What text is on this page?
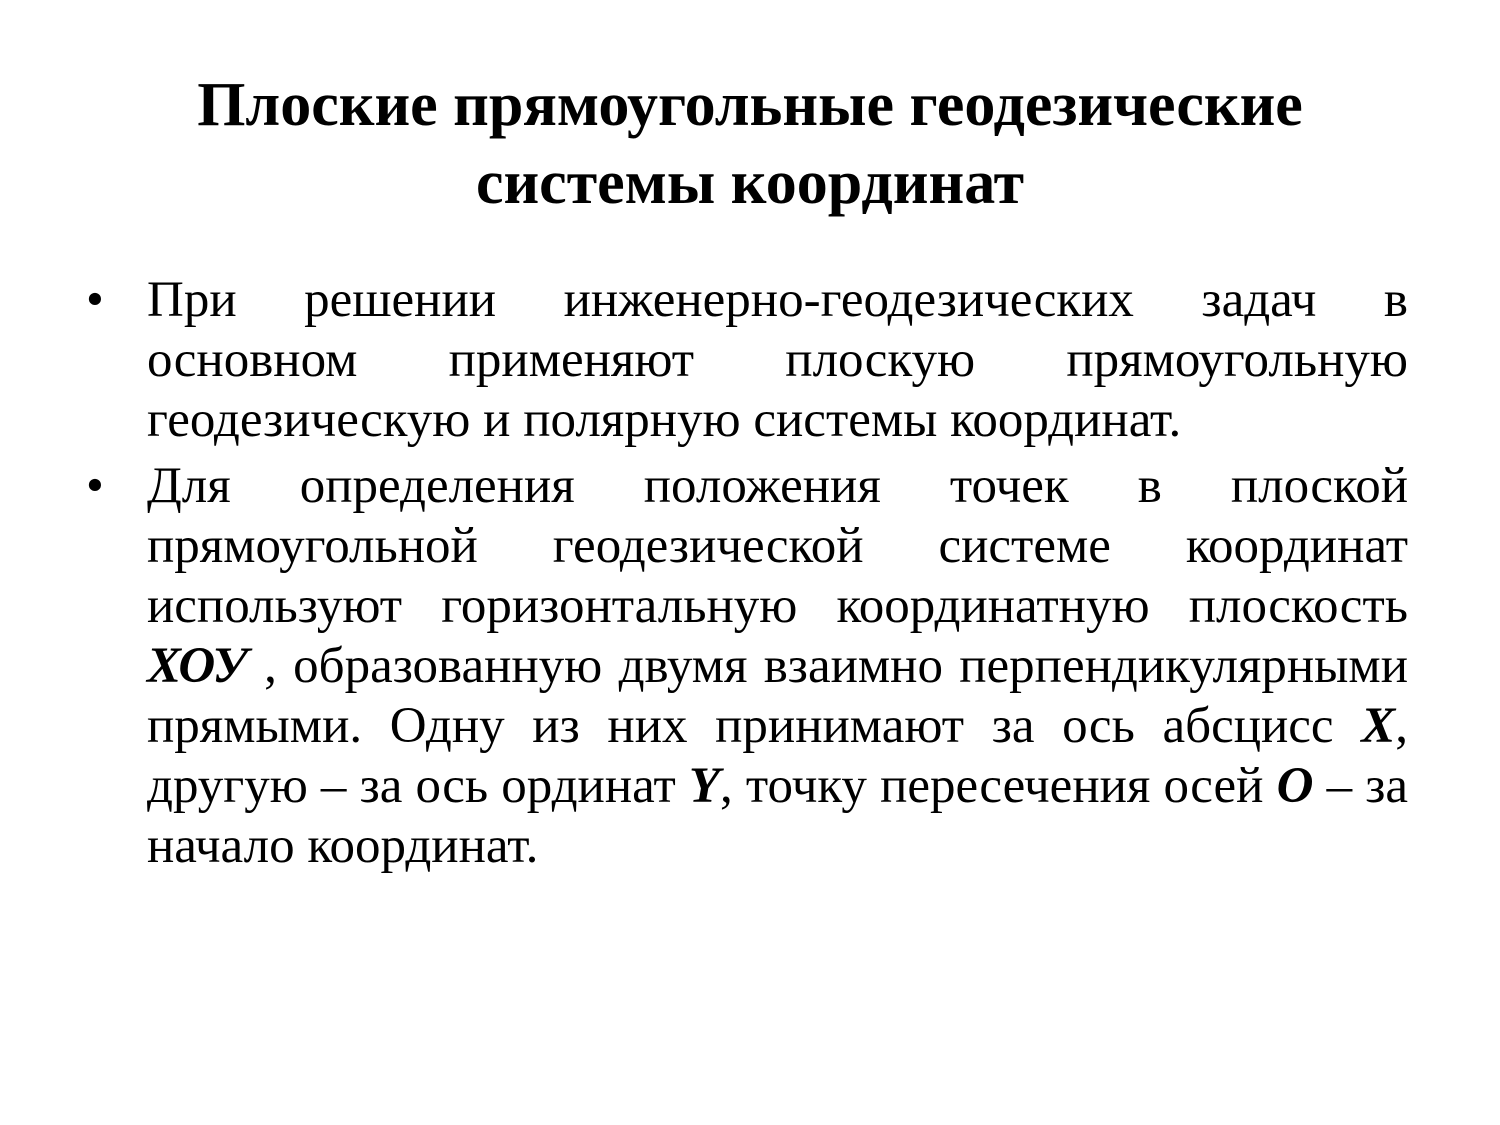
Плоские прямоугольные геодезические
системы координат
• При решении инженерно-геодезических задач в основном применяют плоскую прямоугольную геодезическую и полярную системы координат.
• Для определения положения точек в плоской прямоугольной геодезической системе координат используют горизонтальную координатную плоскость ХОУ , образованную двумя взаимно перпендикулярными прямыми. Одну из них принимают за ось абсцисс X, другую – за ось ординат Y, точку пересечения осей O – за начало координат.
